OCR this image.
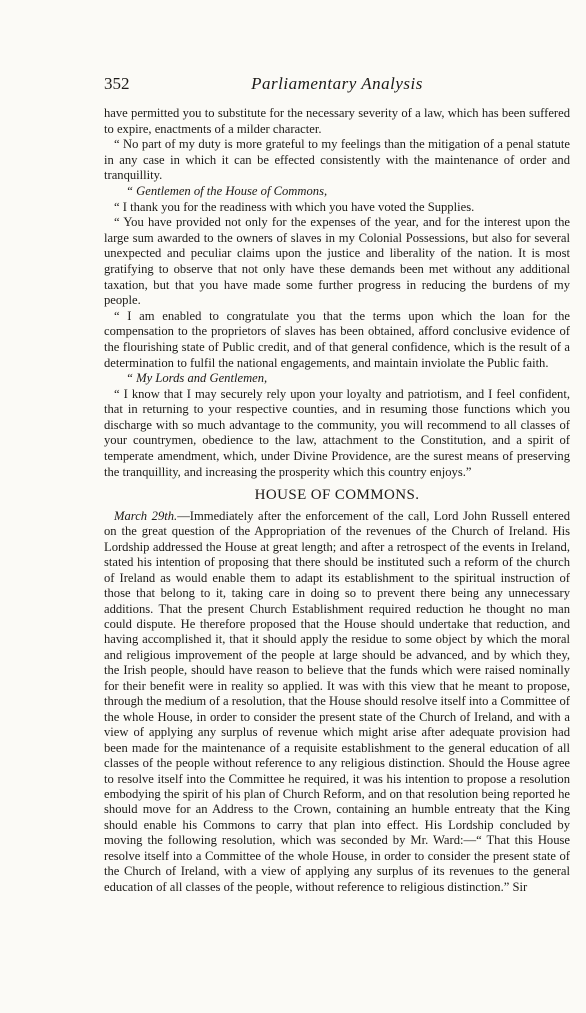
352	Parliamentary Analysis

have permitted you to substitute for the necessary severity of a law, which has been suffered to expire, enactments of a milder character.

“ No part of my duty is more grateful to my feelings than the mitigation of a penal statute in any case in which it can be effected consistently with the maintenance of order and tranquillity.

“ Gentlemen of the House of Commons,

“ I thank you for the readiness with which you have voted the Supplies.

“ You have provided not only for the expenses of the year, and for the interest upon the large sum awarded to the owners of slaves in my Colonial Possessions, but also for several unexpected and peculiar claims upon the justice and liberality of the nation. It is most gratifying to observe that not only have these demands been met without any additional taxation, but that you have made some further progress in reducing the burdens of my people.

“ I am enabled to congratulate you that the terms upon which the loan for the compensation to the proprietors of slaves has been obtained, afford conclusive evidence of the flourishing state of Public credit, and of that general confidence, which is the result of a determination to fulfil the national engagements, and maintain inviolate the Public faith.

“ My Lords and Gentlemen,

“ I know that I may securely rely upon your loyalty and patriotism, and I feel confident, that in returning to your respective counties, and in resuming those functions which you discharge with so much advantage to the community, you will recommend to all classes of your countrymen, obedience to the law, attachment to the Constitution, and a spirit of temperate amendment, which, under Divine Providence, are the surest means of preserving the tranquillity, and increasing the prosperity which this country enjoys.”

HOUSE OF COMMONS.

March 29th.—Immediately after the enforcement of the call, Lord John Russell entered on the great question of the Appropriation of the revenues of the Church of Ireland. His Lordship addressed the House at great length; and after a retrospect of the events in Ireland, stated his intention of proposing that there should be instituted such a reform of the church of Ireland as would enable them to adapt its establishment to the spiritual instruction of those that belong to it, taking care in doing so to prevent there being any unnecessary additions. That the present Church Establishment required reduction he thought no man could dispute. He therefore proposed that the House should undertake that reduction, and having accomplished it, that it should apply the residue to some object by which the moral and religious improvement of the people at large should be advanced, and by which they, the Irish people, should have reason to believe that the funds which were raised nominally for their benefit were in reality so applied. It was with this view that he meant to propose, through the medium of a resolution, that the House should resolve itself into a Committee of the whole House, in order to consider the present state of the Church of Ireland, and with a view of applying any surplus of revenue which might arise after adequate provision had been made for the maintenance of a requisite establishment to the general education of all classes of the people without reference to any religious distinction. Should the House agree to resolve itself into the Committee he required, it was his intention to propose a resolution embodying the spirit of his plan of Church Reform, and on that resolution being reported he should move for an Address to the Crown, containing an humble entreaty that the King should enable his Commons to carry that plan into effect. His Lordship concluded by moving the following resolution, which was seconded by Mr. Ward:—“ That this House resolve itself into a Committee of the whole House, in order to consider the present state of the Church of Ireland, with a view of applying any surplus of its revenues to the general education of all classes of the people, without reference to religious distinction.” Sir
